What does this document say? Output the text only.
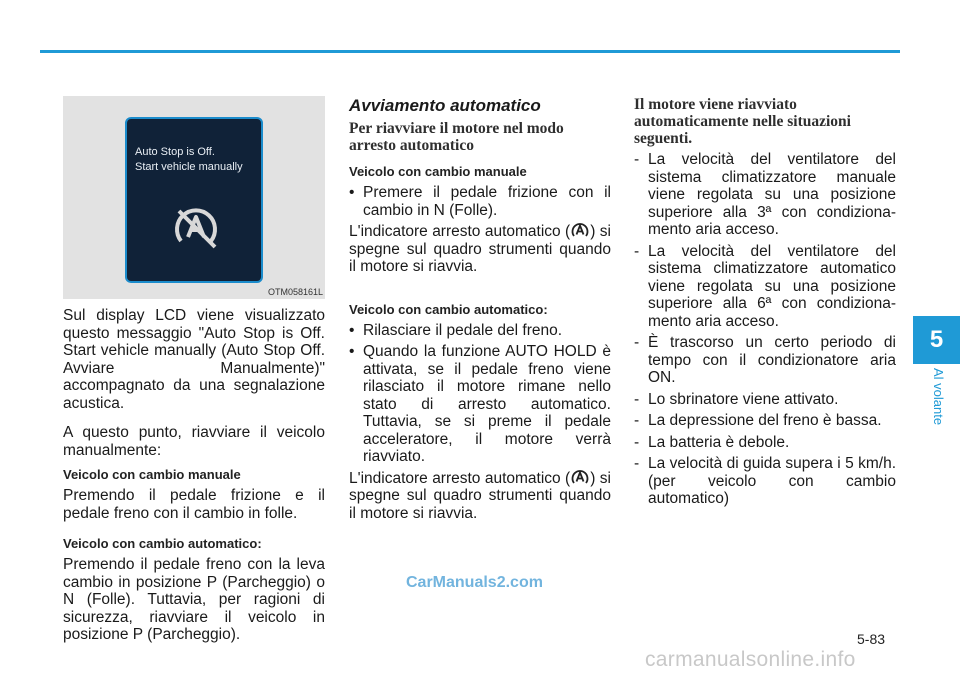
Auto Stop is Off.
Start vehicle manually
OTM058161L

Sul display LCD viene visualizzato questo messaggio "Auto Stop is Off. Start vehicle manually (Auto Stop Off. Avviare Manualmente)" accompagnato da una segnalazione acustica.

A questo punto, riavviare il veicolo manualmente:

Veicolo con cambio manuale

Premendo il pedale frizione e il pedale freno con il cambio in folle.

Veicolo con cambio automatico:

Premendo il pedale freno con la leva cambio in posizione P (Parcheggio) o N (Folle). Tuttavia, per ragioni di sicurezza, riavviare il veicolo in posizione P (Parcheggio).

Avviamento automatico

Per riavviare il motore nel modo arresto automatico

Veicolo con cambio manuale

• Premere il pedale frizione con il cambio in N (Folle).

L'indicatore arresto automatico ( ) si spegne sul quadro strumenti quando il motore si riavvia.

Veicolo con cambio automatico:

• Rilasciare il pedale del freno.
• Quando la funzione AUTO HOLD è attivata, se il pedale freno viene rilasciato il motore rimane nello stato di arresto automatico. Tuttavia, se si preme il pedale acceleratore, il motore verrà riavviato.

L'indicatore arresto automatico ( ) si spegne sul quadro strumenti quando il motore si riavvia.

Il motore viene riavviato automaticamente nelle situazioni seguenti.

- La velocità del ventilatore del sistema climatizzatore manuale viene regolata su una posizione superiore alla 3ª con condiziona-mento aria acceso.
- La velocità del ventilatore del sistema climatizzatore automatico viene regolata su una posizione superiore alla 6ª con condiziona-mento aria acceso.
- È trascorso un certo periodo di tempo con il condizionatore aria ON.
- Lo sbrinatore viene attivato.
- La depressione del freno è bassa.
- La batteria è debole.
- La velocità di guida supera i 5 km/h. (per veicolo con cambio automatico)
5
Al volante
CarManuals2.com
5-83
carmanualsonline.info
